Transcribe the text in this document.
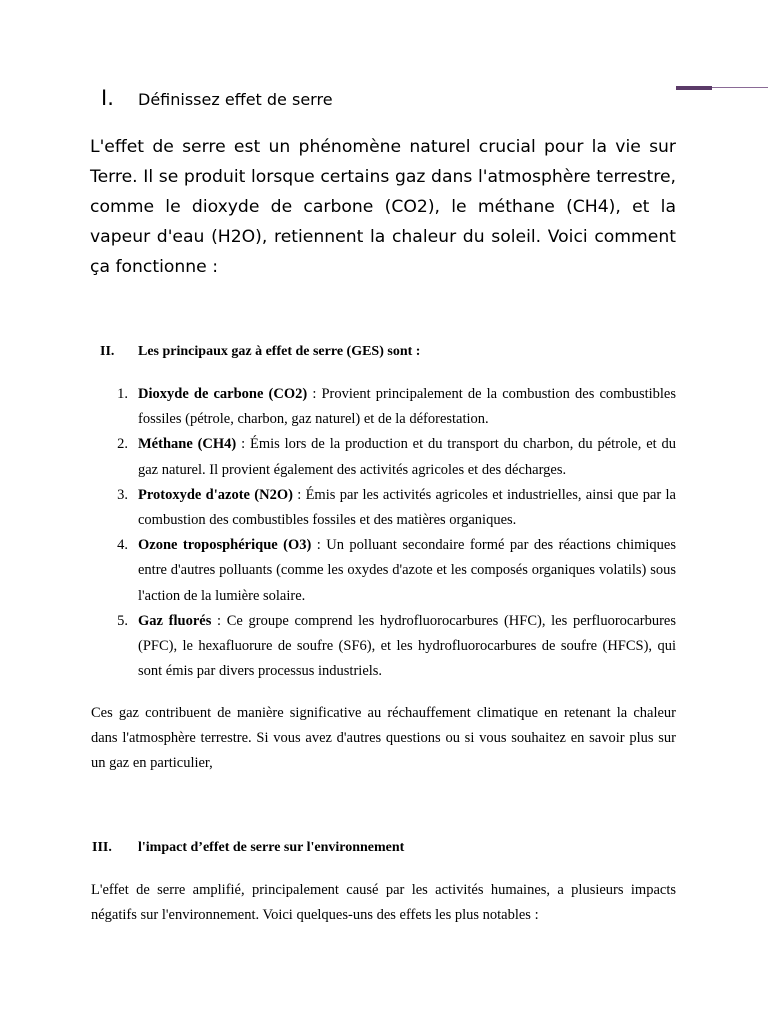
I.	Définissez effet de serre

L'effet de serre est un phénomène naturel crucial pour la vie sur Terre. Il se produit lorsque certains gaz dans l'atmosphère terrestre, comme le dioxyde de carbone (CO2), le méthane (CH4), et la vapeur d'eau (H2O), retiennent la chaleur du soleil. Voici comment ça fonctionne :

II.	Les principaux gaz à effet de serre (GES) sont :
1. Dioxyde de carbone (CO2) : Provient principalement de la combustion des combustibles fossiles (pétrole, charbon, gaz naturel) et de la déforestation.
2. Méthane (CH4) : Émis lors de la production et du transport du charbon, du pétrole, et du gaz naturel. Il provient également des activités agricoles et des décharges.
3. Protoxyde d'azote (N2O) : Émis par les activités agricoles et industrielles, ainsi que par la combustion des combustibles fossiles et des matières organiques.
4. Ozone troposphérique (O3) : Un polluant secondaire formé par des réactions chimiques entre d'autres polluants (comme les oxydes d'azote et les composés organiques volatils) sous l'action de la lumière solaire.
5. Gaz fluorés : Ce groupe comprend les hydrofluorocarbures (HFC), les perfluorocarbures (PFC), le hexafluorure de soufre (SF6), et les hydrofluorocarbures de soufre (HFCS), qui sont émis par divers processus industriels.

Ces gaz contribuent de manière significative au réchauffement climatique en retenant la chaleur dans l'atmosphère terrestre. Si vous avez d'autres questions ou si vous souhaitez en savoir plus sur un gaz en particulier,

III.	l'impact d’effet de serre sur l'environnement

L'effet de serre amplifié, principalement causé par les activités humaines, a plusieurs impacts négatifs sur l'environnement. Voici quelques-uns des effets les plus notables :
